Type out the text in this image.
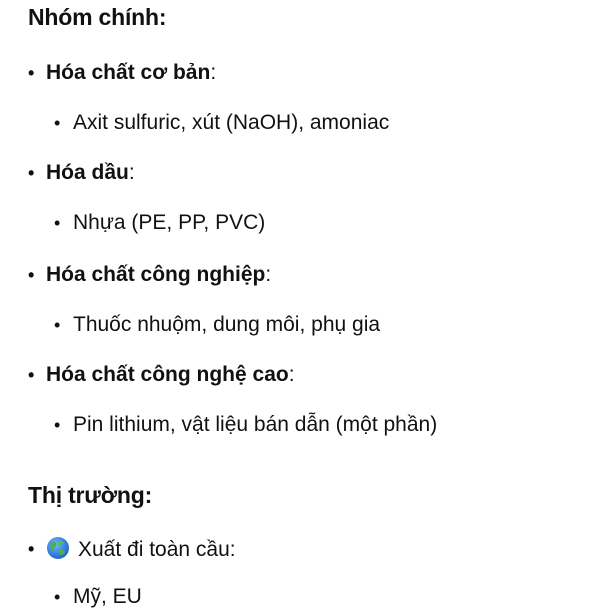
Nhóm chính:
• Hóa chất cơ bản:
• Axit sulfuric, xút (NaOH), amoniac
• Hóa dầu:
• Nhựa (PE, PP, PVC)
• Hóa chất công nghiệp:
• Thuốc nhuộm, dung môi, phụ gia
• Hóa chất công nghệ cao:
• Pin lithium, vật liệu bán dẫn (một phần)
Thị trường:
• Xuất đi toàn cầu:
• Mỹ, EU
